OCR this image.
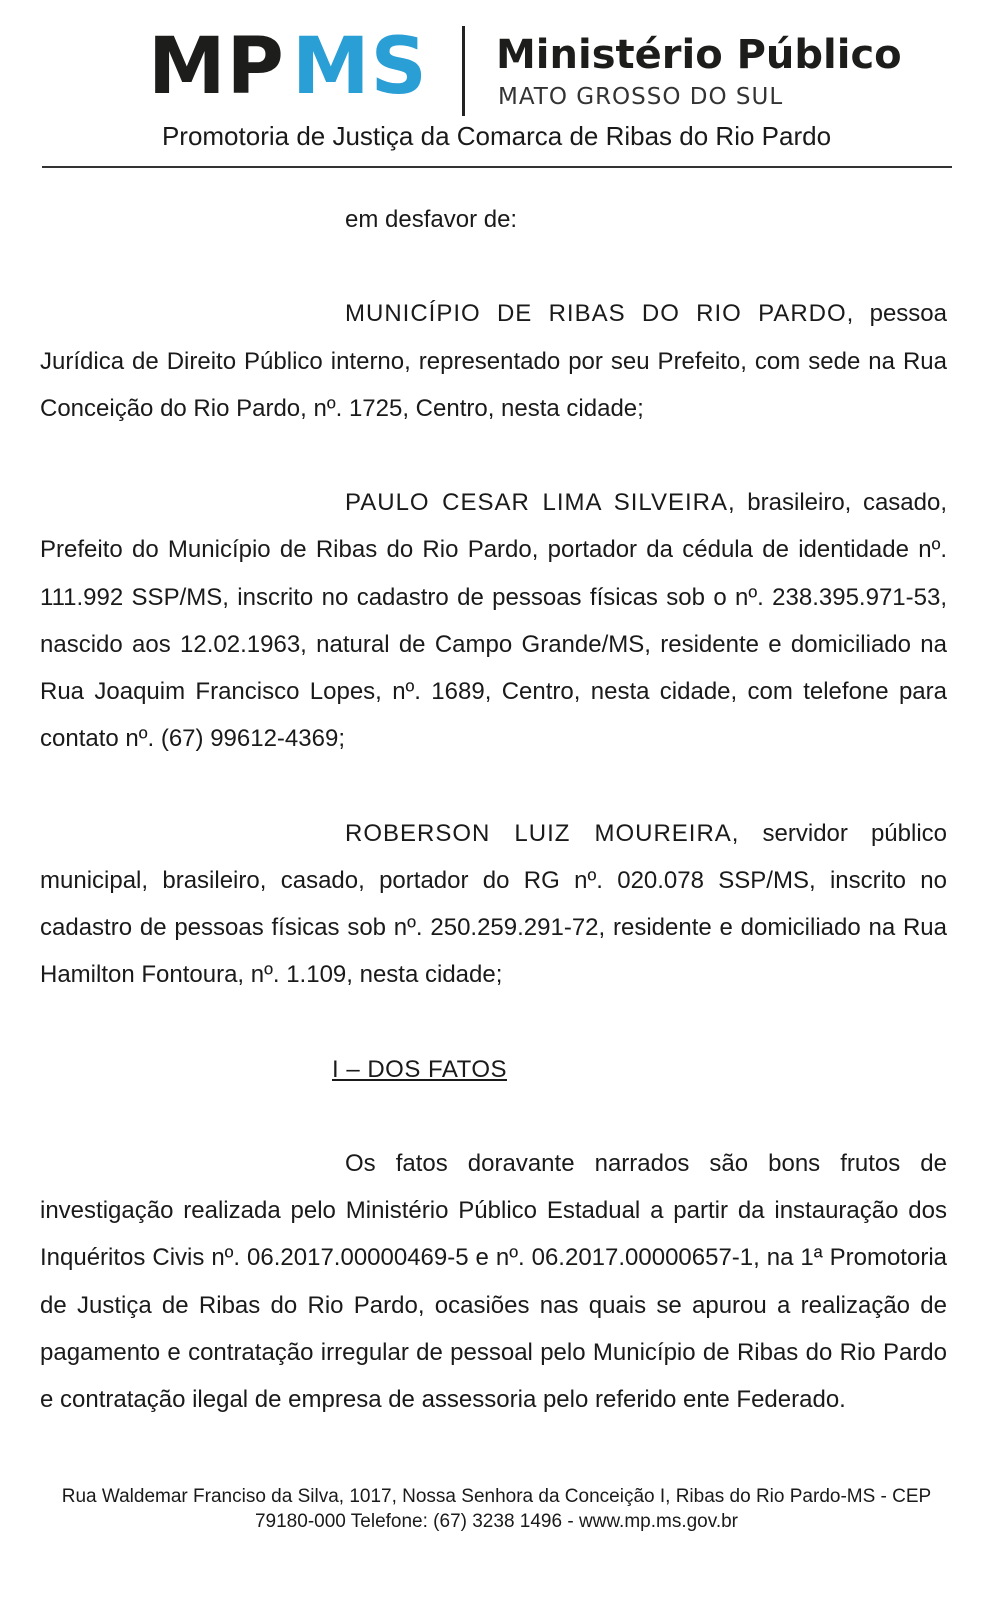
MP MS Ministério Público
MATO GROSSO DO SUL
Promotoria de Justiça da Comarca de Ribas do Rio Pardo

em desfavor de:

MUNICÍPIO DE RIBAS DO RIO PARDO, pessoa Jurídica de Direito Público interno, representado por seu Prefeito, com sede na Rua Conceição do Rio Pardo, nº. 1725, Centro, nesta cidade;

PAULO CESAR LIMA SILVEIRA, brasileiro, casado, Prefeito do Município de Ribas do Rio Pardo, portador da cédula de identidade nº. 111.992 SSP/MS, inscrito no cadastro de pessoas físicas sob o nº. 238.395.971-53, nascido aos 12.02.1963, natural de Campo Grande/MS, residente e domiciliado na Rua Joaquim Francisco Lopes, nº. 1689, Centro, nesta cidade, com telefone para contato nº. (67) 99612-4369;

ROBERSON LUIZ MOUREIRA, servidor público municipal, brasileiro, casado, portador do RG nº. 020.078 SSP/MS, inscrito no cadastro de pessoas físicas sob nº. 250.259.291-72, residente e domiciliado na Rua Hamilton Fontoura, nº. 1.109, nesta cidade;

I – DOS FATOS

Os fatos doravante narrados são bons frutos de investigação realizada pelo Ministério Público Estadual a partir da instauração dos Inquéritos Civis nº. 06.2017.00000469-5 e nº. 06.2017.00000657-1, na 1ª Promotoria de Justiça de Ribas do Rio Pardo, ocasiões nas quais se apurou a realização de pagamento e contratação irregular de pessoal pelo Município de Ribas do Rio Pardo e contratação ilegal de empresa de assessoria pelo referido ente Federado.

Rua Waldemar Franciso da Silva, 1017, Nossa Senhora da Conceição I, Ribas do Rio Pardo-MS - CEP
79180-000 Telefone: (67) 3238 1496 - www.mp.ms.gov.br
